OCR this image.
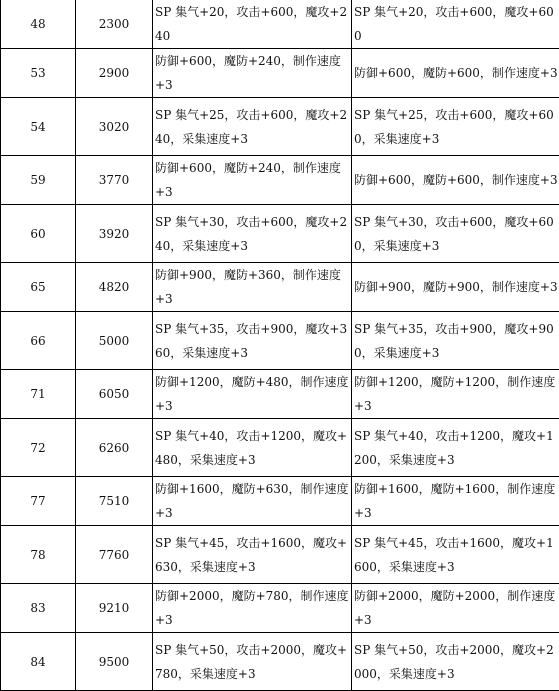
48	2300	SP 集气+20，攻击+600，魔攻+240	SP 集气+20，攻击+600，魔攻+600
53	2900	防御+600，魔防+240，制作速度+3	防御+600，魔防+600，制作速度+3
54	3020	SP 集气+25，攻击+600，魔攻+240，采集速度+3	SP 集气+25，攻击+600，魔攻+600，采集速度+3
59	3770	防御+600，魔防+240，制作速度+3	防御+600，魔防+600，制作速度+3
60	3920	SP 集气+30，攻击+600，魔攻+240，采集速度+3	SP 集气+30，攻击+600，魔攻+600，采集速度+3
65	4820	防御+900，魔防+360，制作速度+3	防御+900，魔防+900，制作速度+3
66	5000	SP 集气+35，攻击+900，魔攻+360，采集速度+3	SP 集气+35，攻击+900，魔攻+900，采集速度+3
71	6050	防御+1200，魔防+480，制作速度+3	防御+1200，魔防+1200，制作速度+3
72	6260	SP 集气+40，攻击+1200，魔攻+480，采集速度+3	SP 集气+40，攻击+1200，魔攻+1200，采集速度+3
77	7510	防御+1600，魔防+630，制作速度+3	防御+1600，魔防+1600，制作速度+3
78	7760	SP 集气+45，攻击+1600，魔攻+630，采集速度+3	SP 集气+45，攻击+1600，魔攻+1600，采集速度+3
83	9210	防御+2000，魔防+780，制作速度+3	防御+2000，魔防+2000，制作速度+3
84	9500	SP 集气+50，攻击+2000，魔攻+780，采集速度+3	SP 集气+50，攻击+2000，魔攻+2000，采集速度+3
